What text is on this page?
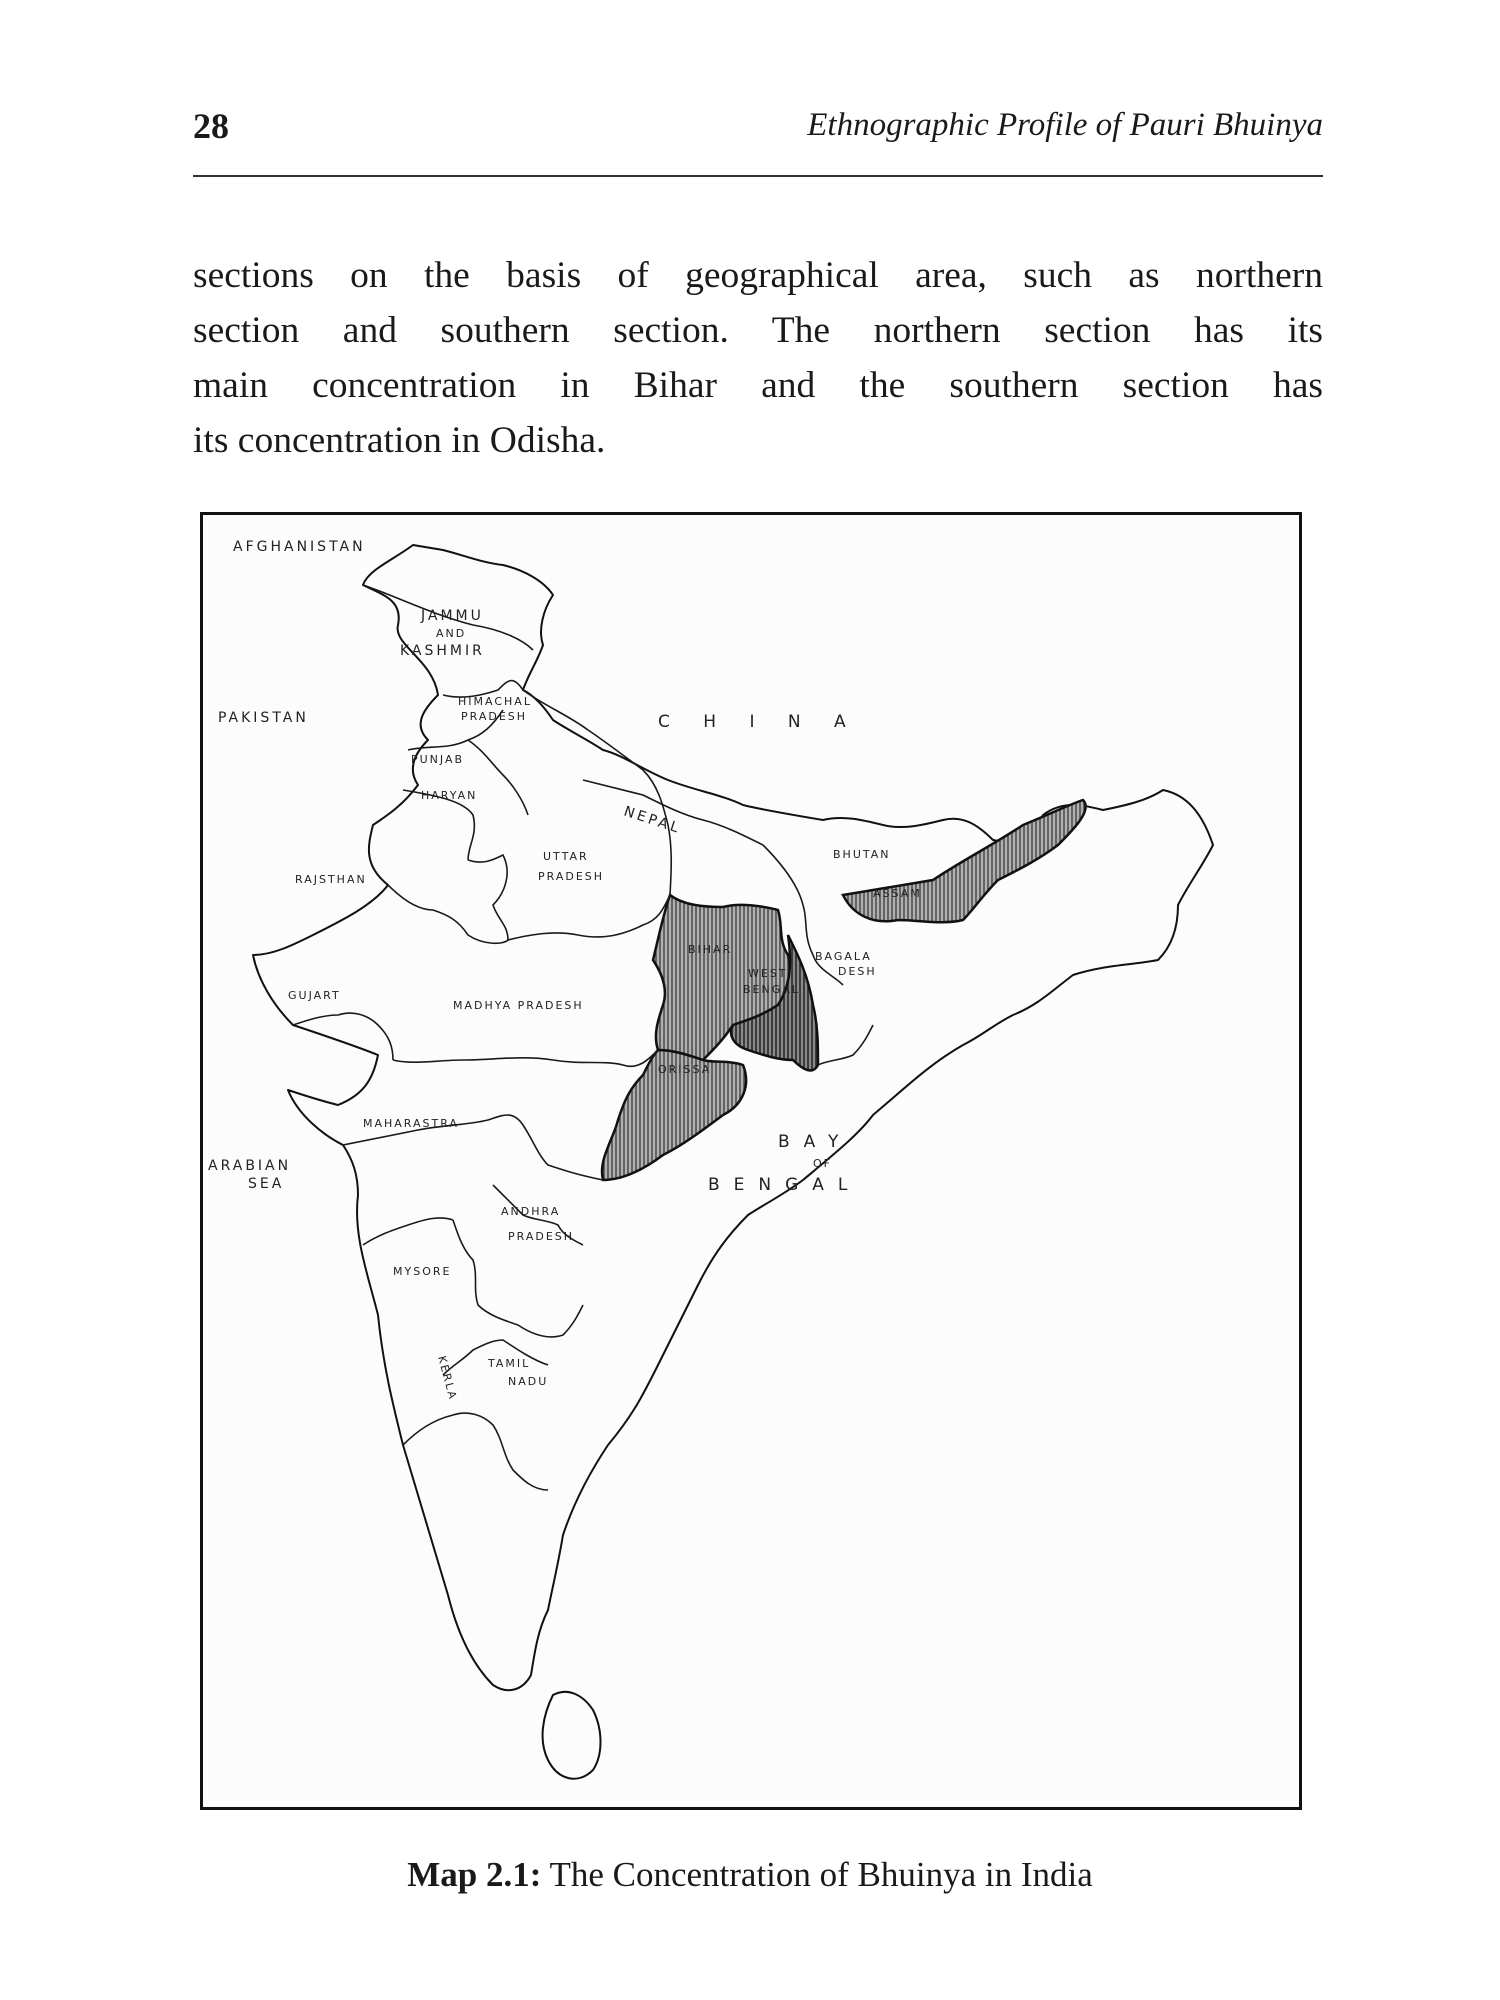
28	Ethnographic Profile of Pauri Bhuinya

sections on the basis of geographical area, such as northern
section and southern section. The northern section has its
main concentration in Bihar and the southern section has
its concentration in Odisha.

AFGHANISTAN
JAMMU
AND
KASHMIR
HIMACHAL
PRADESH
PAKISTAN	C H I N A
PUNJAB
HARYAN
NEPAL
BHUTAN
ASSAM
UTTAR
PRADESH
RAJSTHAN
BIHAR
BAGALA
DESH
WEST
BENGAL
GUJART
MADHYA PRADESH
ORISSA
MAHARASTRA
BAY
OF
BENGAL
ARABIAN
SEA
ANDHRA
PRADESH
MYSORE
KERLA	TAMIL
NADU
Map 2.1: The Concentration of Bhuinya in India
